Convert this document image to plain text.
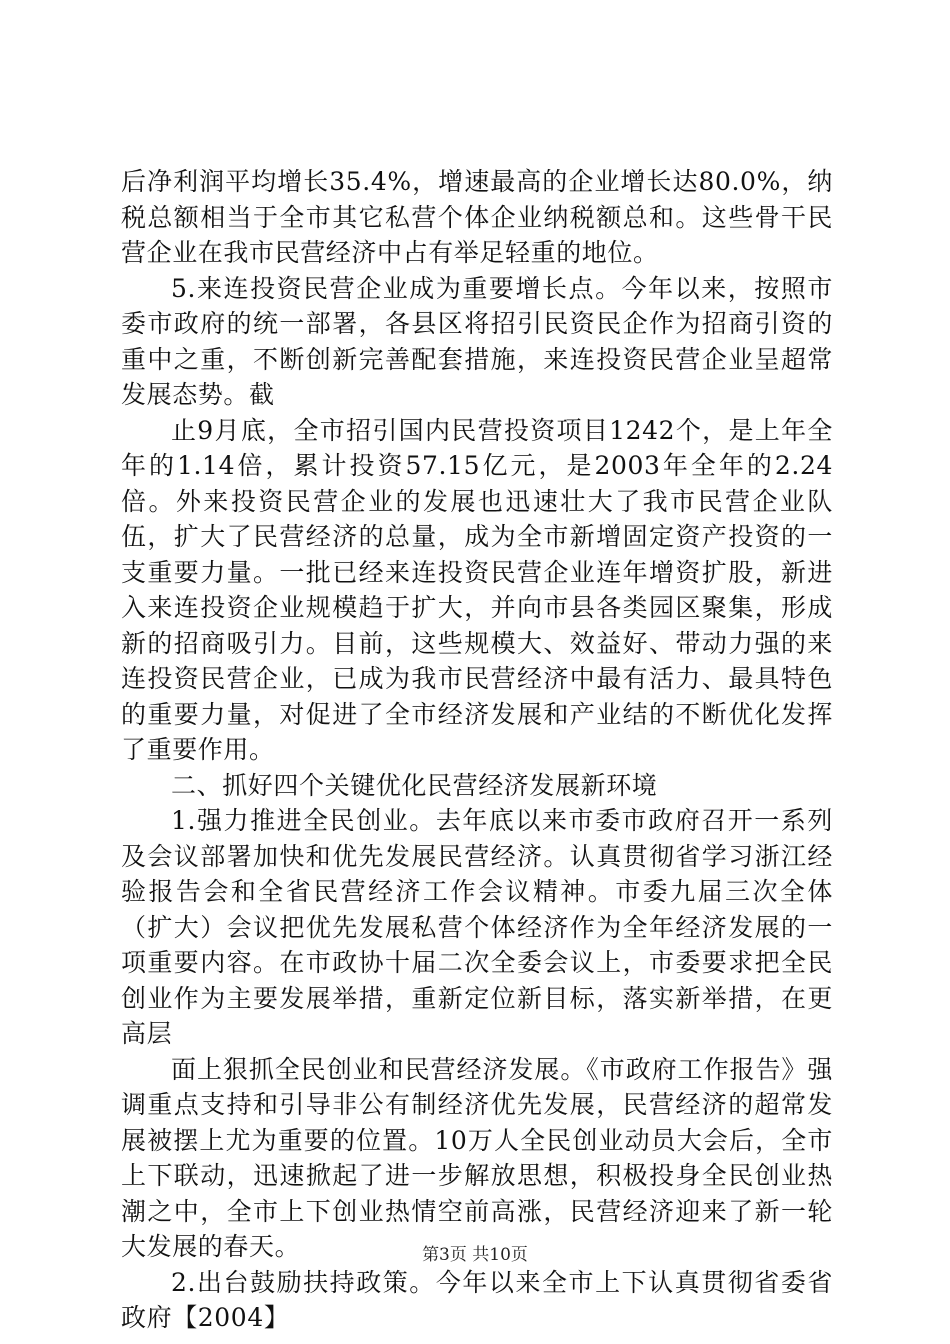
后净利润平均增长35.4%，增速最高的企业增长达80.0%，纳税总额相当于全市其它私营个体企业纳税额总和。这些骨干民营企业在我市民营经济中占有举足轻重的地位。

5.来连投资民营企业成为重要增长点。今年以来，按照市委市政府的统一部署，各县区将招引民资民企作为招商引资的重中之重，不断创新完善配套措施，来连投资民营企业呈超常发展态势。截

止9月底，全市招引国内民营投资项目1242个，是上年全年的1.14倍，累计投资57.15亿元，是2003年全年的2.24倍。外来投资民营企业的发展也迅速壮大了我市民营企业队伍，扩大了民营经济的总量，成为全市新增固定资产投资的一支重要力量。一批已经来连投资民营企业连年增资扩股，新进入来连投资企业规模趋于扩大，并向市县各类园区聚集，形成新的招商吸引力。目前，这些规模大、效益好、带动力强的来连投资民营企业，已成为我市民营经济中最有活力、最具特色的重要力量，对促进了全市经济发展和产业结的不断优化发挥了重要作用。

二、抓好四个关键优化民营经济发展新环境

1.强力推进全民创业。去年底以来市委市政府召开一系列及会议部署加快和优先发展民营经济。认真贯彻省学习浙江经验报告会和全省民营经济工作会议精神。市委九届三次全体（扩大）会议把优先发展私营个体经济作为全年经济发展的一项重要内容。在市政协十届二次全委会议上，市委要求把全民创业作为主要发展举措，重新定位新目标，落实新举措，在更高层

面上狠抓全民创业和民营经济发展。《市政府工作报告》强调重点支持和引导非公有制经济优先发展，民营经济的超常发展被摆上尤为重要的位置。10万人全民创业动员大会后，全市上下联动，迅速掀起了进一步解放思想，积极投身全民创业热潮之中，全市上下创业热情空前高涨，民营经济迎来了新一轮大发展的春天。

2.出台鼓励扶持政策。今年以来全市上下认真贯彻省委省政府【2004】

第3页 共10页
